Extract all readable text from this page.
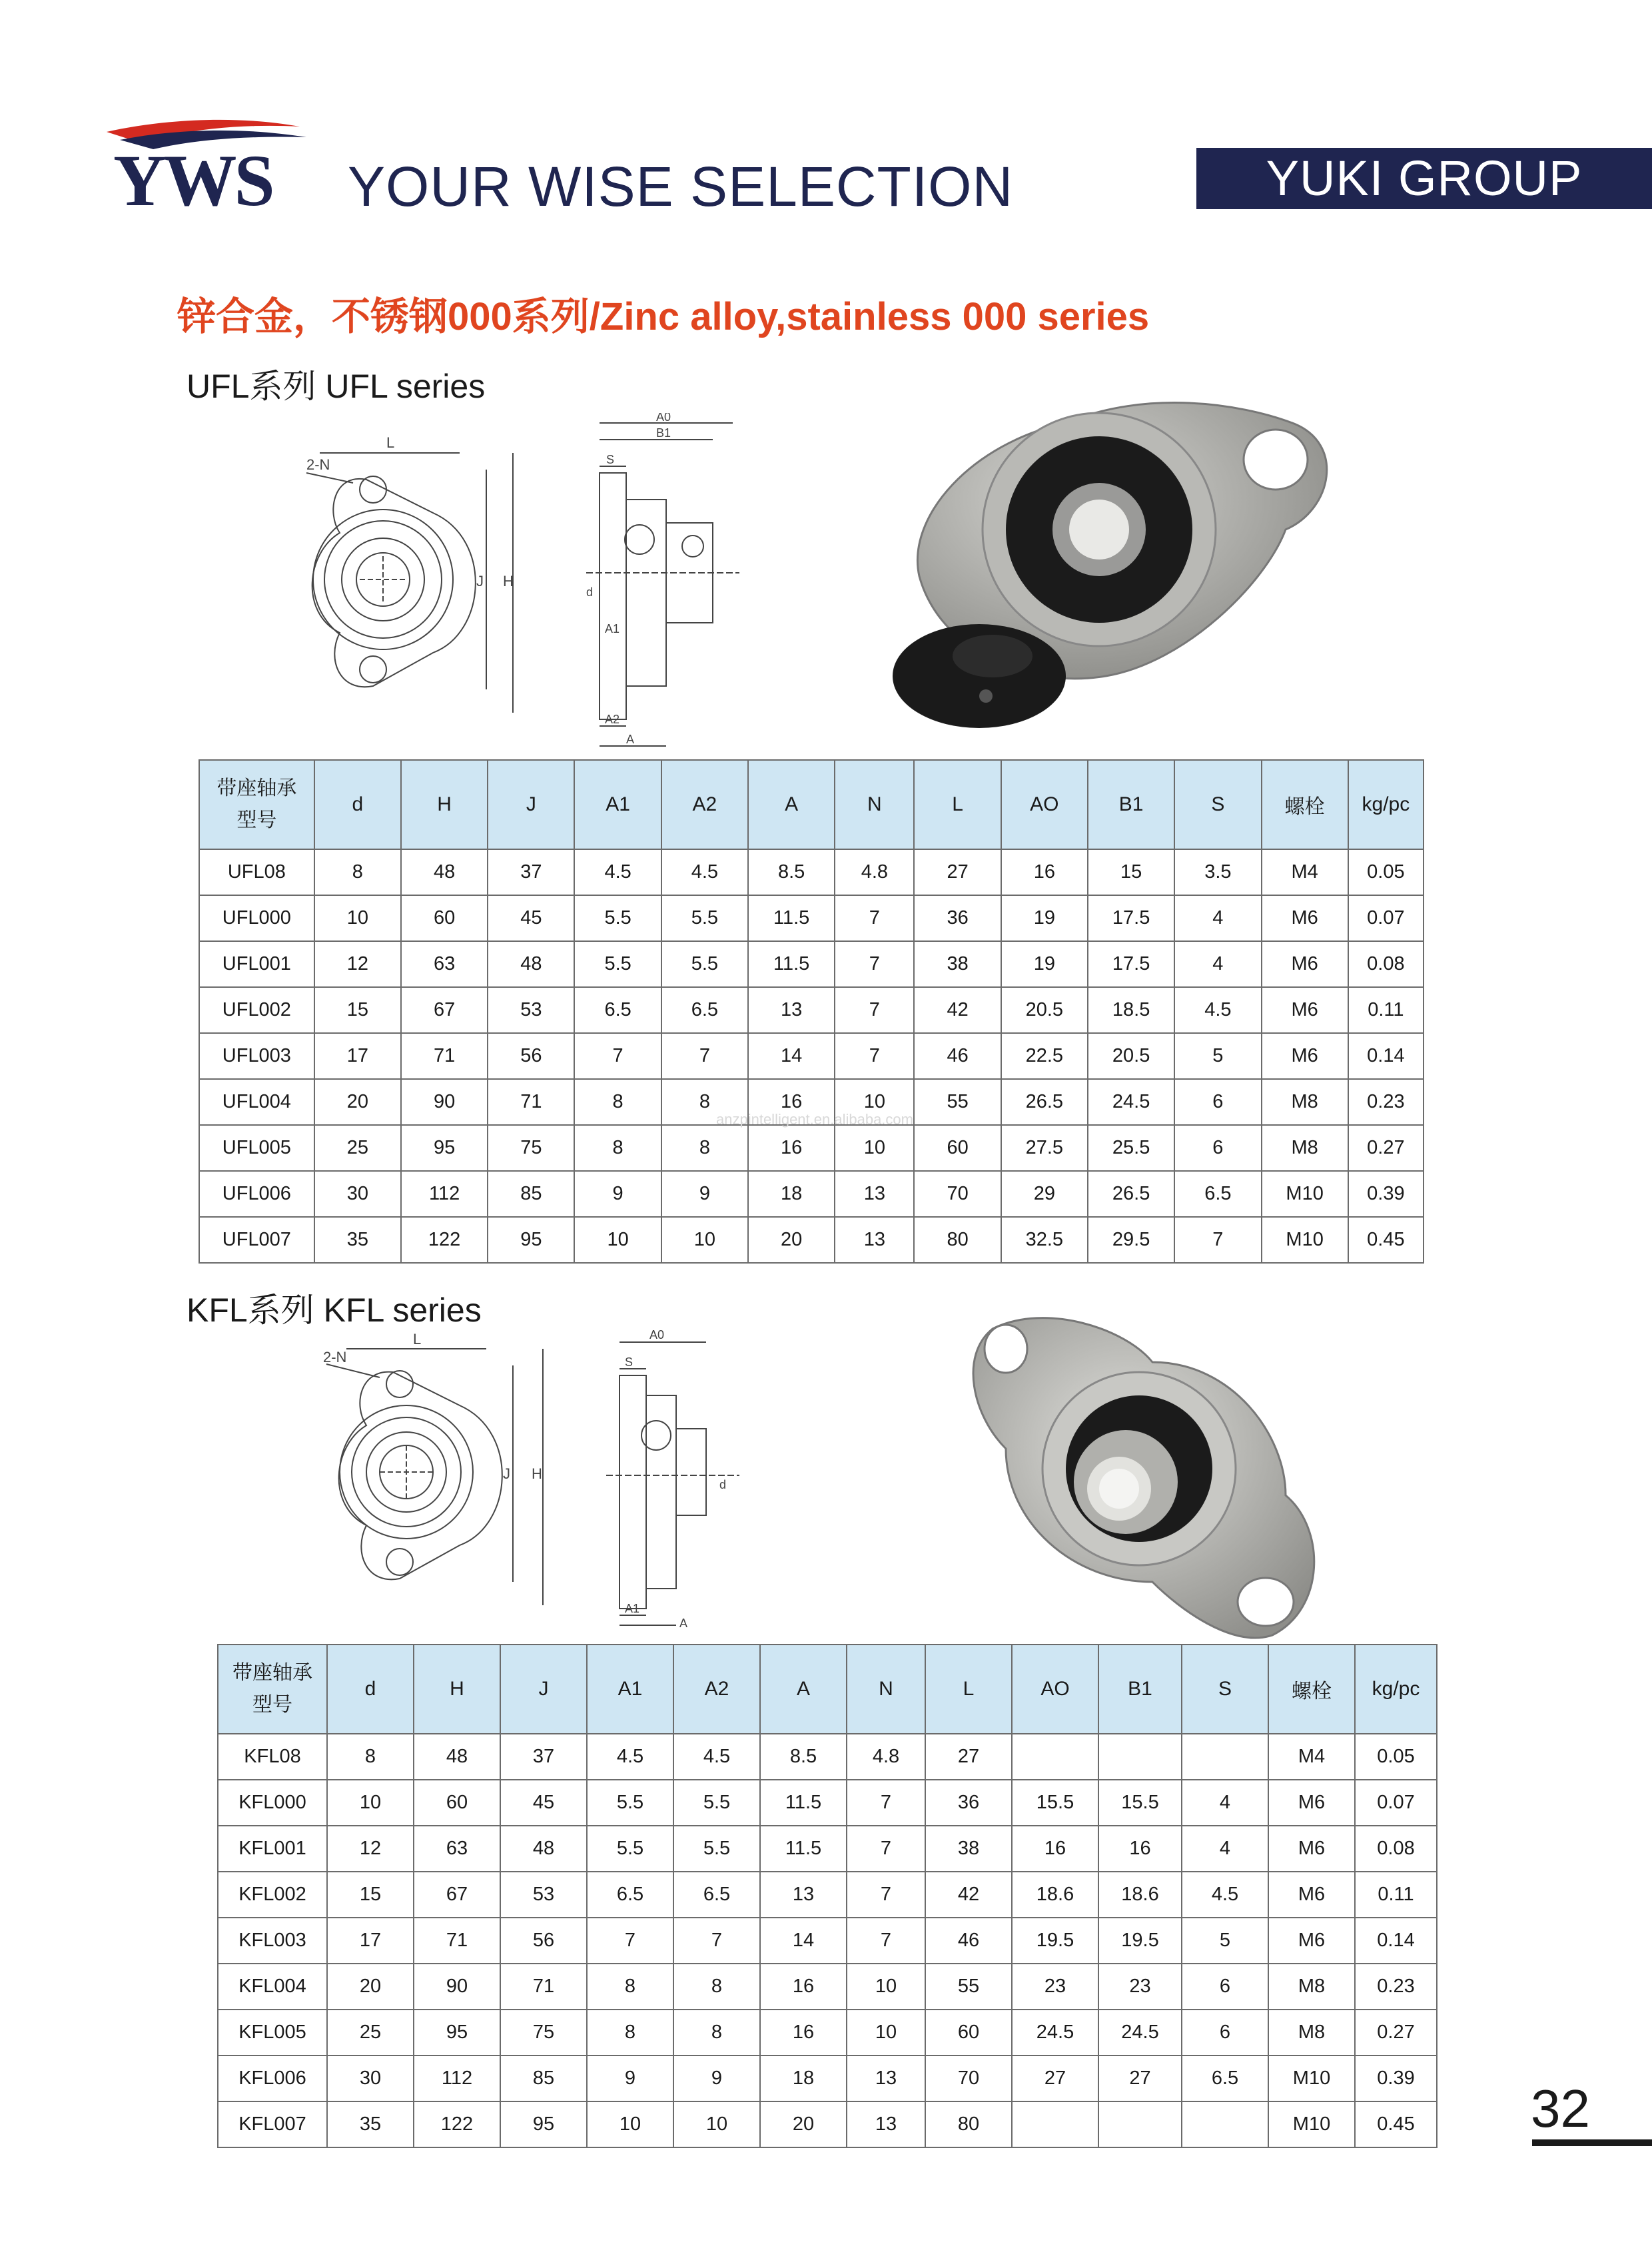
YWS YOUR WISE SELECTION	YUKI GROUP
锌合金，不锈钢000系列/Zinc alloy,stainless 000 series
UFL系列 UFL series
2-N
L
J H
A0
B1
S
d
A1
A2
A
带座轴承
型号	d	H	J	A1	A2	A	N	L	AO	B1	S	螺栓	kg/pc
UFL08	8	48	37	4.5	4.5	8.5	4.8	27	16	15	3.5	M4	0.05
UFL000	10	60	45	5.5	5.5	11.5	7	36	19	17.5	4	M6	0.07
UFL001	12	63	48	5.5	5.5	11.5	7	38	19	17.5	4	M6	0.08
UFL002	15	67	53	6.5	6.5	13	7	42	20.5	18.5	4.5	M6	0.11
UFL003	17	71	56	7	7	14	7	46	22.5	20.5	5	M6	0.14
UFL004	20	90	71	8	8	16	10	55	26.5	24.5	6	M8	0.23
UFL005	25	95	75	8	8	16	10	60	27.5	25.5	6	M8	0.27
UFL006	30	112	85	9	9	18	13	70	29	26.5	6.5	M10	0.39
UFL007	35	122	95	10	10	20	13	80	32.5	29.5	7	M10	0.45
anzpintelligent.en.alibaba.com
KFL系列 KFL series
2-N
L
J H
A0
S
d
A1
A
带座轴承
型号	d	H	J	A1	A2	A	N	L	AO	B1	S	螺栓	kg/pc
KFL08	8	48	37	4.5	4.5	8.5	4.8	27				M4	0.05
KFL000	10	60	45	5.5	5.5	11.5	7	36	15.5	15.5	4	M6	0.07
KFL001	12	63	48	5.5	5.5	11.5	7	38	16	16	4	M6	0.08
KFL002	15	67	53	6.5	6.5	13	7	42	18.6	18.6	4.5	M6	0.11
KFL003	17	71	56	7	7	14	7	46	19.5	19.5	5	M6	0.14
KFL004	20	90	71	8	8	16	10	55	23	23	6	M8	0.23
KFL005	25	95	75	8	8	16	10	60	24.5	24.5	6	M8	0.27
KFL006	30	112	85	9	9	18	13	70	27	27	6.5	M10	0.39
KFL007	35	122	95	10	10	20	13	80				M10	0.45 32
